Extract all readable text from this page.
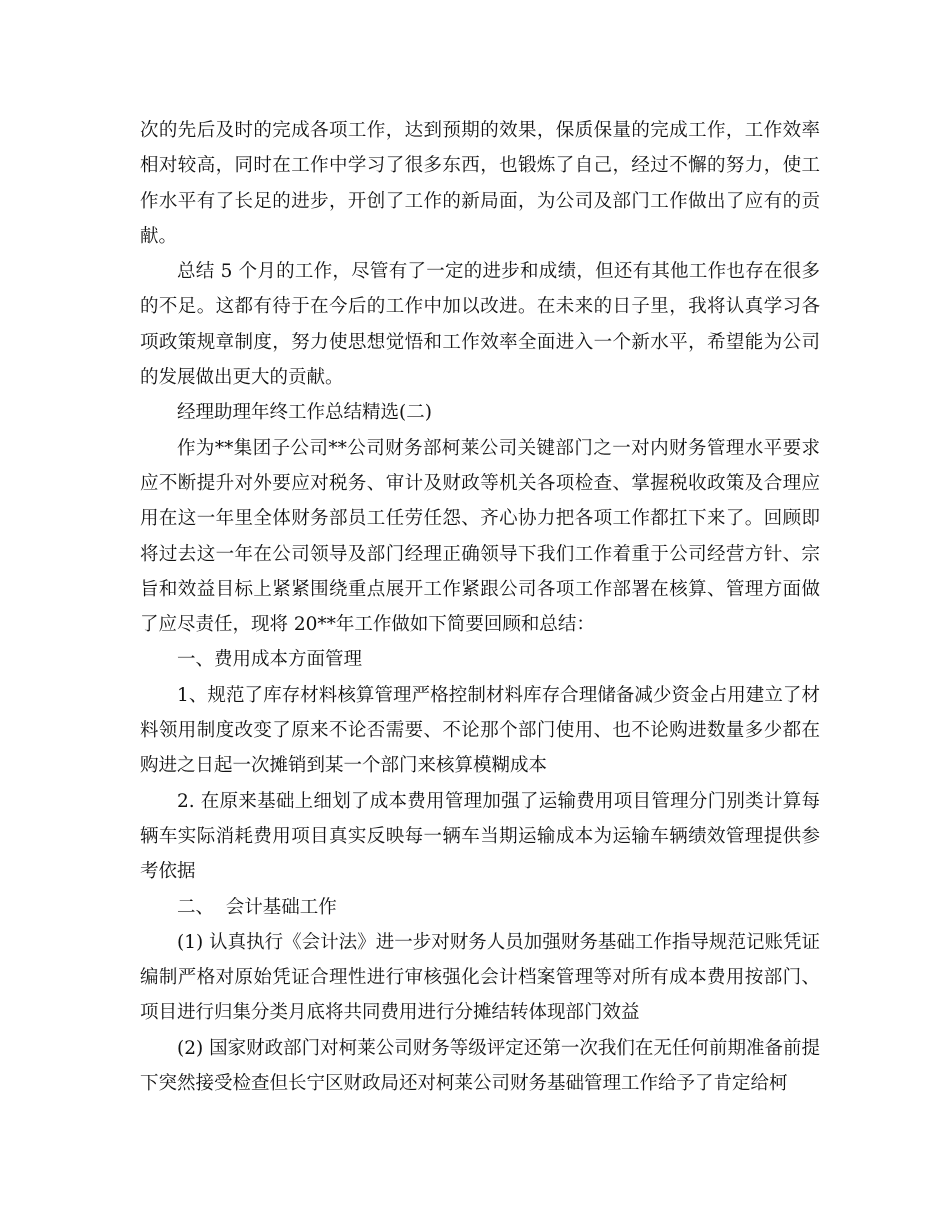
次的先后及时的完成各项工作，达到预期的效果，保质保量的完成工作，工作效率相对较高，同时在工作中学习了很多东西，也锻炼了自己，经过不懈的努力，使工作水平有了长足的进步，开创了工作的新局面，为公司及部门工作做出了应有的贡献。

总结 5 个月的工作，尽管有了一定的进步和成绩，但还有其他工作也存在很多的不足。这都有待于在今后的工作中加以改进。在未来的日子里，我将认真学习各项政策规章制度，努力使思想觉悟和工作效率全面进入一个新水平，希望能为公司的发展做出更大的贡献。

经理助理年终工作总结精选(二)

作为**集团子公司**公司财务部柯莱公司关键部门之一对内财务管理水平要求应不断提升对外要应对税务、审计及财政等机关各项检查、掌握税收政策及合理应用在这一年里全体财务部员工任劳任怨、齐心协力把各项工作都扛下来了。回顾即将过去这一年在公司领导及部门经理正确领导下我们工作着重于公司经营方针、宗旨和效益目标上紧紧围绕重点展开工作紧跟公司各项工作部署在核算、管理方面做了应尽责任，现将 20**年工作做如下简要回顾和总结：

一、费用成本方面管理

1、规范了库存材料核算管理严格控制材料库存合理储备减少资金占用建立了材料领用制度改变了原来不论否需要、不论那个部门使用、也不论购进数量多少都在购进之日起一次摊销到某一个部门来核算模糊成本

2. 在原来基础上细划了成本费用管理加强了运输费用项目管理分门别类计算每辆车实际消耗费用项目真实反映每一辆车当期运输成本为运输车辆绩效管理提供参考依据

二、  会计基础工作

(1) 认真执行《会计法》进一步对财务人员加强财务基础工作指导规范记账凭证编制严格对原始凭证合理性进行审核强化会计档案管理等对所有成本费用按部门、项目进行归集分类月底将共同费用进行分摊结转体现部门效益

(2) 国家财政部门对柯莱公司财务等级评定还第一次我们在无任何前期准备前提下突然接受检查但长宁区财政局还对柯莱公司财务基础管理工作给予了肯定给柯
